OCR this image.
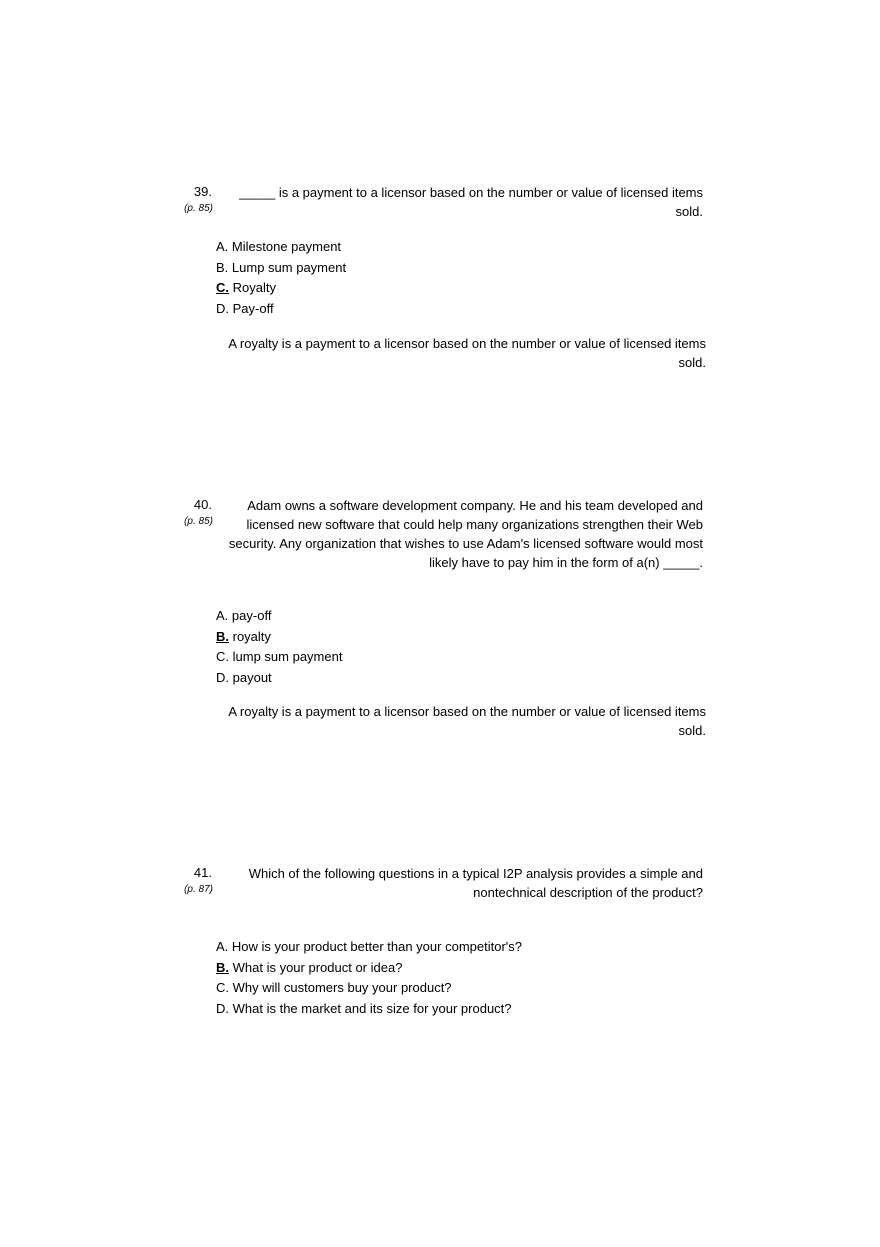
39.
(p. 85)
_____ is a payment to a licensor based on the number or value of licensed items sold.
A. Milestone payment
B. Lump sum payment
C. Royalty
D. Pay-off
A royalty is a payment to a licensor based on the number or value of licensed items
sold.
40.
(p. 85)
Adam owns a software development company. He and his team developed and
licensed new software that could help many organizations strengthen their Web
security. Any organization that wishes to use Adam's licensed software would most
likely have to pay him in the form of a(n) _____.
A. pay-off
B. royalty
C. lump sum payment
D. payout
A royalty is a payment to a licensor based on the number or value of licensed items
sold.
41.
(p. 87)
Which of the following questions in a typical I2P analysis provides a simple and
nontechnical description of the product?
A. How is your product better than your competitor's?
B. What is your product or idea?
C. Why will customers buy your product?
D. What is the market and its size for your product?
